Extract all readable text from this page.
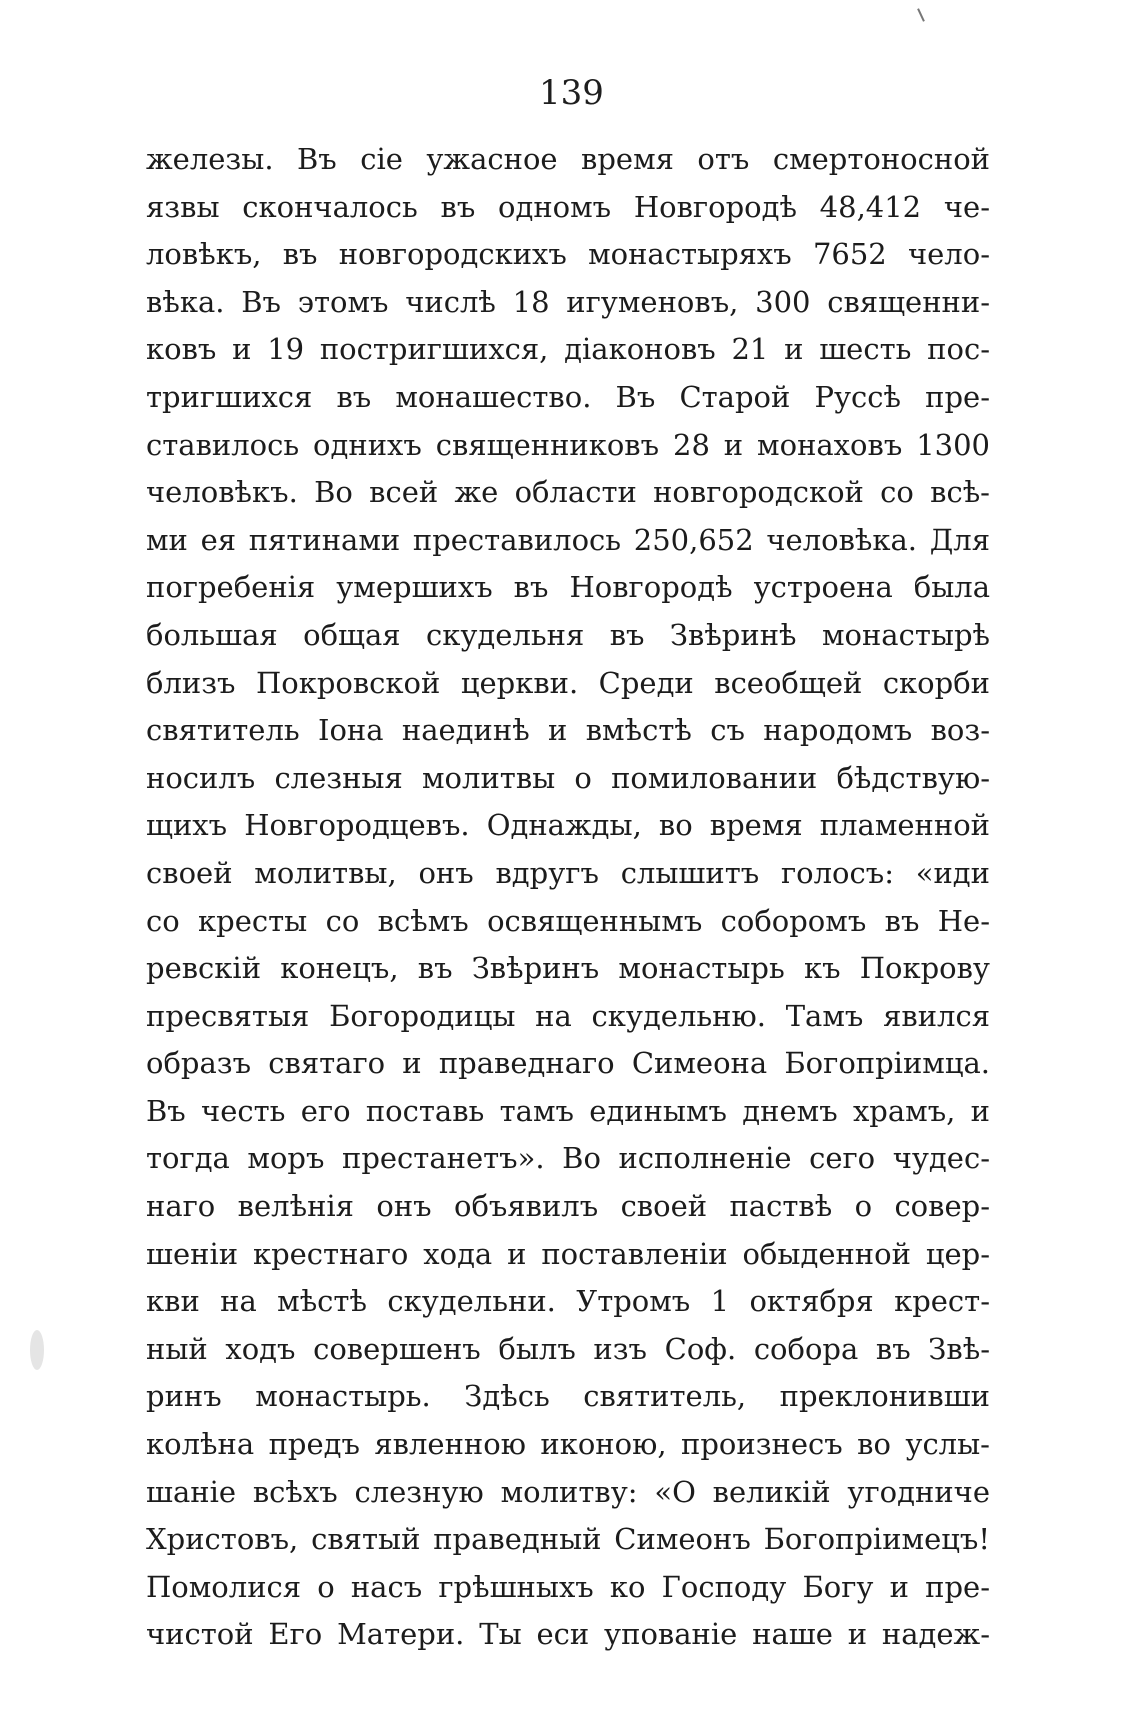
139
железы. Въ сіе ужасное время отъ смертоносной
язвы скончалось въ одномъ Новгородѣ 48,412 че-
ловѣкъ, въ новгородскихъ монастыряхъ 7652 чело-
вѣка. Въ этомъ числѣ 18 игуменовъ, 300 священни-
ковъ и 19 постригшихся, діаконовъ 21 и шесть пос-
тригшихся въ монашество. Въ Старой Руссѣ пре-
ставилось однихъ священниковъ 28 и монаховъ 1300
человѣкъ. Во всей же области новгородской со всѣ-
ми ея пятинами преставилось 250,652 человѣка. Для
погребенія умершихъ въ Новгородѣ устроена была
большая общая скудельня въ Звѣринѣ монастырѣ
близъ Покровской церкви. Среди всеобщей скорби
святитель Іона наединѣ и вмѣстѣ съ народомъ воз-
носилъ слезныя молитвы о помиловании бѣдствую-
щихъ Новгородцевъ. Однажды, во время пламенной
своей молитвы, онъ вдругъ слышитъ голосъ: «иди
со кресты со всѣмъ освященнымъ соборомъ въ Не-
ревскій конецъ, въ Звѣринъ монастырь къ Покрову
пресвятыя Богородицы на скудельню. Тамъ явился
образъ святаго и праведнаго Симеона Богопріимца.
Въ честь его поставь тамъ единымъ днемъ храмъ, и
тогда моръ престанетъ». Во исполненіе сего чудес-
наго велѣнія онъ объявилъ своей паствѣ о совер-
шеніи крестнаго хода и поставленіи обыденной цер-
кви на мѣстѣ скудельни. Утромъ 1 октября крест-
ный ходъ совершенъ былъ изъ Соф. собора въ Звѣ-
ринъ монастырь. Здѣсь святитель, преклонивши
колѣна предъ явленною иконою, произнесъ во услы-
шаніе всѣхъ слезную молитву: «О великій угодниче
Христовъ, святый праведный Симеонъ Богопріимецъ!
Помолися о насъ грѣшныхъ ко Господу Богу и пре-
чистой Его Матери. Ты еси упованіе наше и надеж-
